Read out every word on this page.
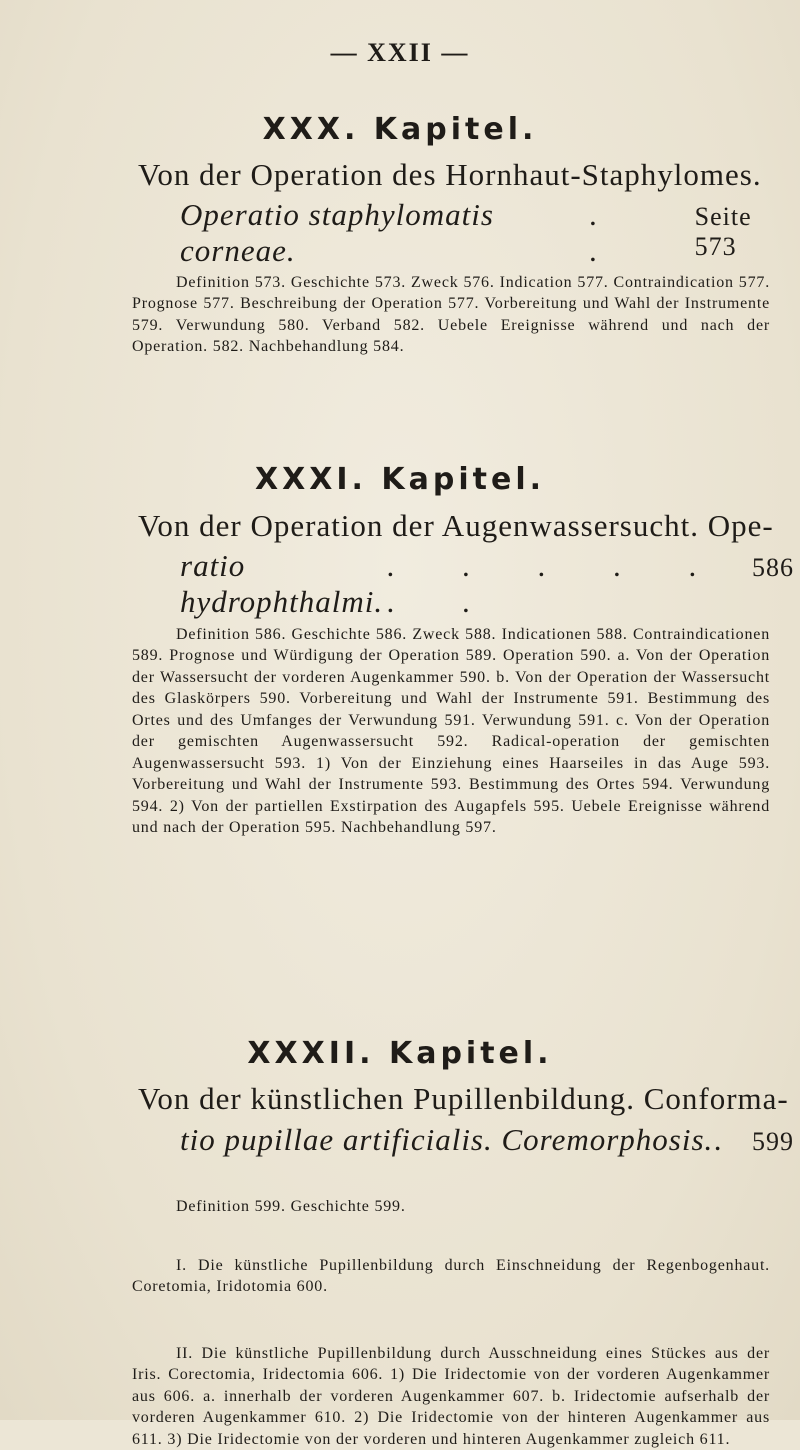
— XXII —
XXX. Kapitel.
Von der Operation des Hornhaut-Staphylomes.
Operatio staphylomatis corneae.
. .
Seite 573
Definition 573. Geschichte 573. Zweck 576. Indication 577. Contraindication 577. Prognose 577. Beschreibung der Operation 577. Vorbereitung und Wahl der Instrumente 579. Verwundung 580. Verband 582. Uebele Ereignisse während und nach der Operation. 582. Nachbehandlung 584.
XXXI. Kapitel.
Von der Operation der Augenwassersucht. Ope-
ratio hydrophthalmi.
. . . . . . .
586
Definition 586. Geschichte 586. Zweck 588. Indicationen 588. Contraindicationen 589. Prognose und Würdigung der Operation 589. Operation 590. a. Von der Operation der Wassersucht der vorderen Augenkammer 590. b. Von der Operation der Wassersucht des Glaskörpers 590. Vorbereitung und Wahl der Instrumente 591. Bestimmung des Ortes und des Umfanges der Verwundung 591. Verwundung 591. c. Von der Operation der gemischten Augenwassersucht 592. Radical-operation der gemischten Augenwassersucht 593. 1) Von der Einziehung eines Haarseiles in das Auge 593. Vorbereitung und Wahl der Instrumente 593. Bestimmung des Ortes 594. Verwundung 594. 2) Von der partiellen Exstirpation des Augapfels 595. Uebele Ereignisse während und nach der Operation 595. Nachbehandlung 597.
XXXII. Kapitel.
Von der künstlichen Pupillenbildung. Conforma-
tio pupillae artificialis. Coremorphosis. . 599
Definition 599. Geschichte 599.
I. Die künstliche Pupillenbildung durch Einschneidung der Regenbogenhaut. Coretomia, Iridotomia 600.
II. Die künstliche Pupillenbildung durch Ausschneidung eines Stückes aus der Iris. Corectomia, Iridectomia 606. 1) Die Iridectomie von der vorderen Augenkammer aus 606. a. innerhalb der vorderen Augenkammer 607. b. Iridectomie aufserhalb der vorderen Augenkammer 610. 2) Die Iridectomie von der hinteren Augenkammer aus 611. 3) Die Iridectomie von der vorderen und hinteren Augenkammer zugleich 611.
